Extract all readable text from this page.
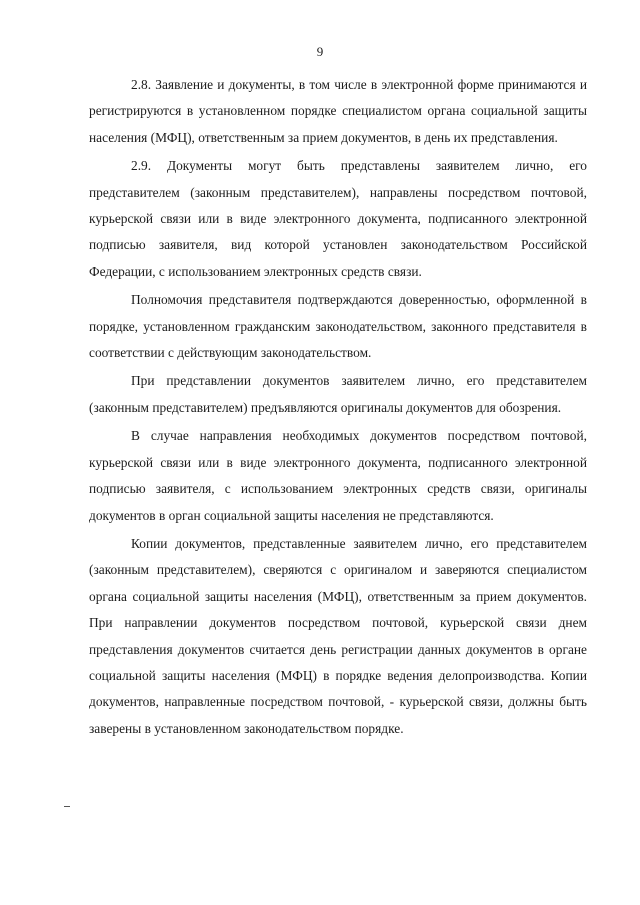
9

2.8. Заявление и документы, в том числе в электронной форме принимаются и регистрируются в установленном порядке специалистом органа социальной защиты населения (МФЦ), ответственным за прием документов, в день их представления.

2.9. Документы могут быть представлены заявителем лично, его представителем (законным представителем), направлены посредством почтовой, курьерской связи или в виде электронного документа, подписанного электронной подписью заявителя, вид которой установлен законодательством Российской Федерации, с использованием электронных средств связи.

Полномочия представителя подтверждаются доверенностью, оформленной в порядке, установленном гражданским законодательством, законного представителя в соответствии с действующим законодательством.

При представлении документов заявителем лично, его представителем (законным представителем) предъявляются оригиналы документов для обозрения.

В случае направления необходимых документов посредством почтовой, курьерской связи или в виде электронного документа, подписанного электронной подписью заявителя, с использованием электронных средств связи, оригиналы документов в орган социальной защиты населения не представляются.

Копии документов, представленные заявителем лично, его представителем (законным представителем), сверяются с оригиналом и заверяются специалистом органа социальной защиты населения (МФЦ), ответственным за прием документов. При направлении документов посредством почтовой, курьерской связи днем представления документов считается день регистрации данных документов в органе социальной защиты населения (МФЦ) в порядке ведения делопроизводства. Копии документов, направленные посредством почтовой, - курьерской связи, должны быть заверены в установленном законодательством порядке.
